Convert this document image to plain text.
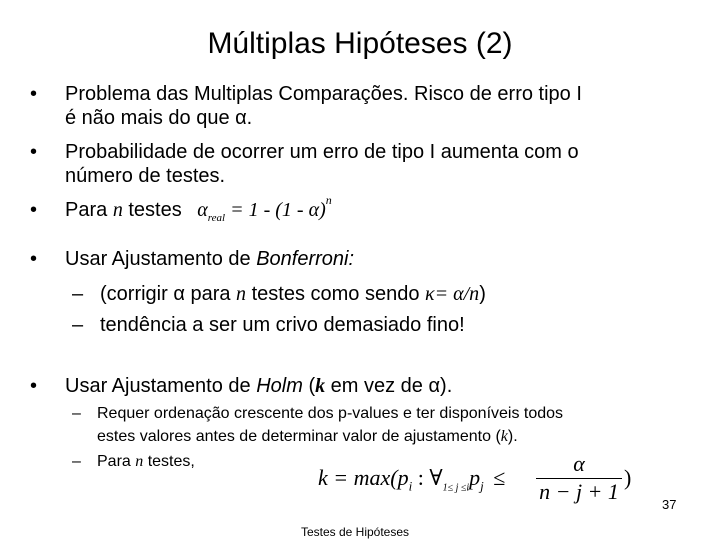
Múltiplas Hipóteses (2)
• Problema das Multiplas Comparações. Risco de erro tipo I
é não mais do que α.
• Probabilidade de ocorrer um erro de tipo I aumenta com o
número de testes.
• Para n testes $\alpha_{real} = 1 - (1 - \alpha)^n$
• Usar Ajustamento de Bonferroni:
– (corrigir α para n testes como sendo κ= α/n)
– tendência a ser um crivo demasiado fino!
• Usar Ajustamento de Holm (k em vez de α).
– Requer ordenação crescente dos p-values e ter disponíveis todos
estes valores antes de determinar valor de ajustamento (k).
– Para n testes,
$k = \max(p_i$ : $\forall_{1\le j \le i}p_j$ ≤
α
n − j + 1
)
37
Testes de Hipóteses
